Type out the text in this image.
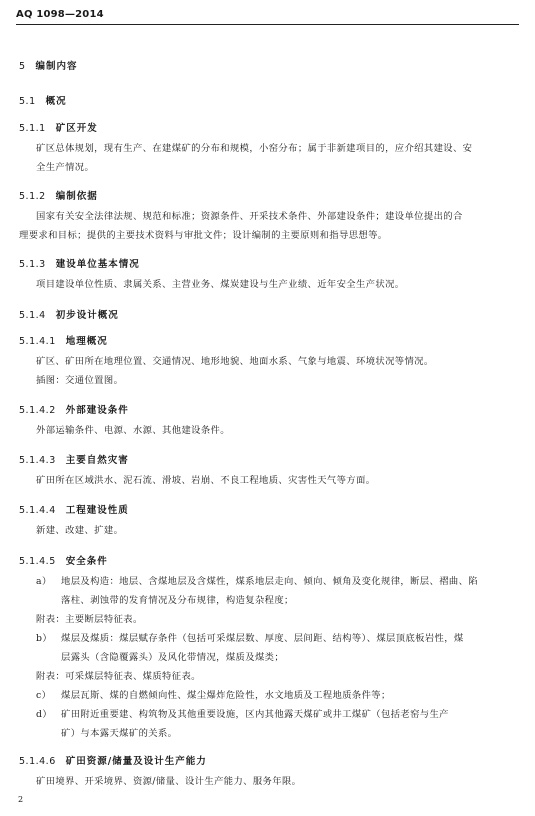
AQ 1098—2014
5 编制内容
5.1 概况
5.1.1 矿区开发
矿区总体规划，现有生产、在建煤矿的分布和规模，小窑分布；属于非新建项目的，应介绍其建设、安
全生产情况。
5.1.2 编制依据
国家有关安全法律法规、规范和标准；资源条件、开采技术条件、外部建设条件；建设单位提出的合
理要求和目标；提供的主要技术资料与审批文件；设计编制的主要原则和指导思想等。
5.1.3 建设单位基本情况
项目建设单位性质、隶属关系、主营业务、煤炭建设与生产业绩、近年安全生产状况。
5.1.4 初步设计概况
5.1.4.1 地理概况
矿区、矿田所在地理位置、交通情况、地形地貌、地面水系、气象与地震、环境状况等情况。
插图：交通位置图。
5.1.4.2 外部建设条件
外部运输条件、电源、水源、其他建设条件。
5.1.4.3 主要自然灾害
矿田所在区域洪水、泥石流、滑坡、岩崩、不良工程地质、灾害性天气等方面。
5.1.4.4 工程建设性质
新建、改建、扩建。
5.1.4.5 安全条件
a） 地层及构造：地层、含煤地层及含煤性，煤系地层走向、倾向、倾角及变化规律，断层、褶曲、陷
落柱、剥蚀带的发育情况及分布规律，构造复杂程度；
附表：主要断层特征表。
b） 煤层及煤质：煤层赋存条件（包括可采煤层数、厚度、层间距、结构等）、煤层顶底板岩性，煤
层露头（含隐覆露头）及风化带情况，煤质及煤类；
附表：可采煤层特征表、煤质特征表。
c） 煤层瓦斯、煤的自燃倾向性、煤尘爆炸危险性，水文地质及工程地质条件等；
d） 矿田附近重要建、构筑物及其他重要设施，区内其他露天煤矿或井工煤矿（包括老窑与生产
矿）与本露天煤矿的关系。
5.1.4.6 矿田资源/储量及设计生产能力
矿田境界、开采境界、资源/储量、设计生产能力、服务年限。
2
